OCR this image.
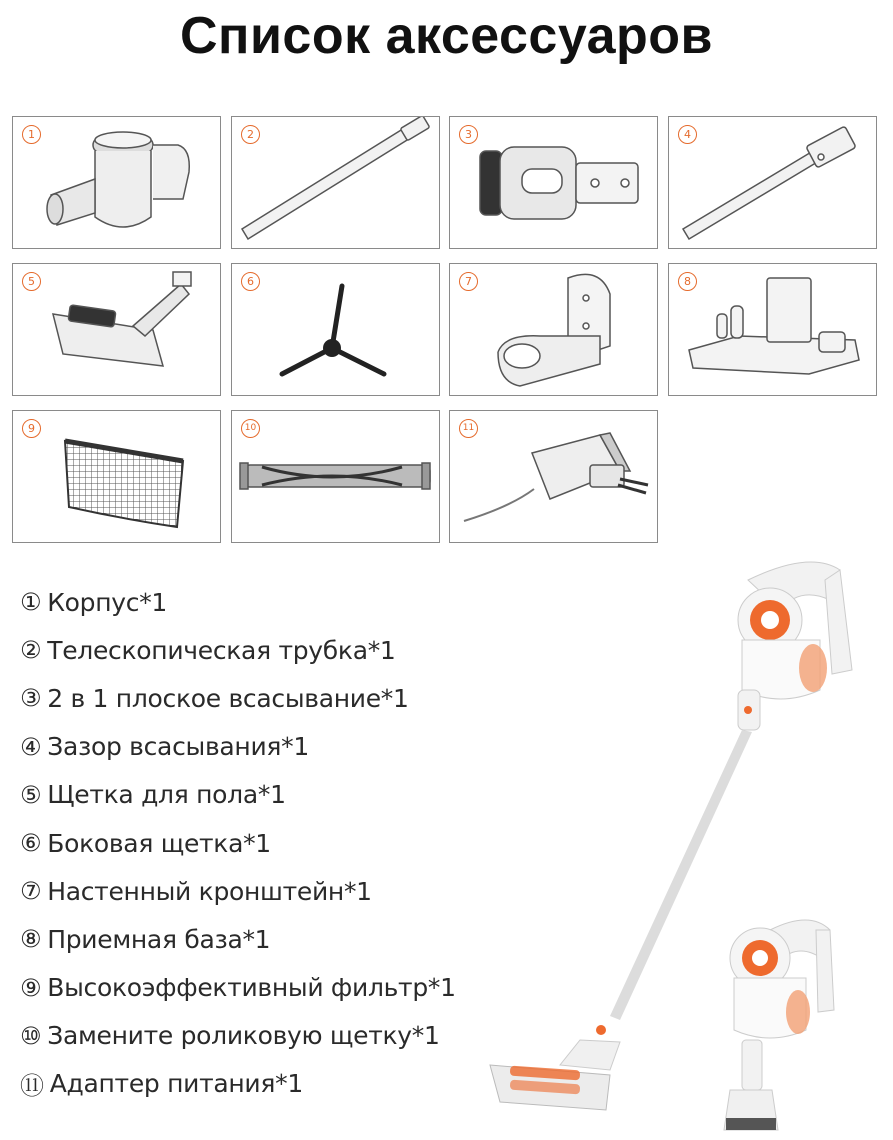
Список аксессуаров
1	2	3	4
5	6	7	8
9	10	11
① Корпус*1
② Телескопическая трубка*1
③ 2 в 1 плоское всасывание*1
④ Зазор всасывания*1
⑤ Щетка для пола*1
⑥ Боковая щетка*1
⑦ Настенный кронштейн*1
⑧ Приемная база*1
⑨ Высокоэффективный фильтр*1
⑩ Замените роликовую щетку*1
⑪ Адаптер питания*1
